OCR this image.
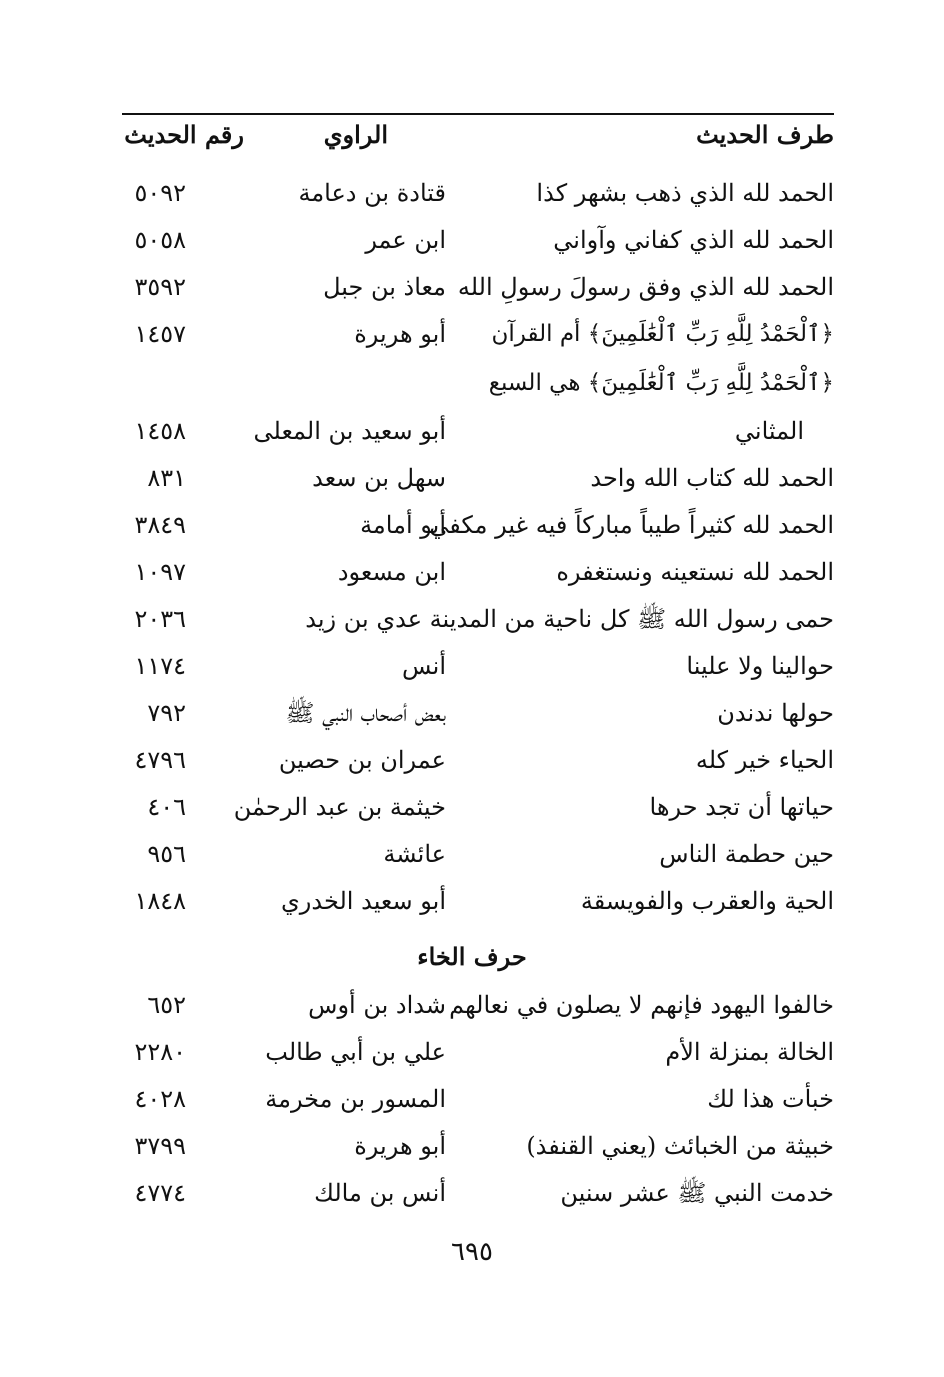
طرف الحديث
الراوي
رقم الحديث
الحمد لله الذي ذهب بشهر كذا
قتادة بن دعامة
٥٠٩٢
الحمد لله الذي كفاني وآواني
ابن عمر
٥٠٥٨
الحمد لله الذي وفق رسولَ رسولِ الله
معاذ بن جبل
٣٥٩٢
﴿ٱلْحَمْدُ لِلَّهِ رَبِّ ٱلْعَٰلَمِينَ﴾ أم القرآن
أبو هريرة
١٤٥٧
﴿ٱلْحَمْدُ لِلَّهِ رَبِّ ٱلْعَٰلَمِينَ﴾ هي السبع
المثاني
أبو سعيد بن المعلى
١٤٥٨
الحمد لله كتاب الله واحد
سهل بن سعد
٨٣١
الحمد لله كثيراً طيباً مباركاً فيه غير مكفي
أبو أمامة
٣٨٤٩
الحمد لله نستعينه ونستغفره
ابن مسعود
١٠٩٧
حمى رسول الله ﷺ كل ناحية من المدينة عدي بن زيد
٢٠٣٦
حوالينا ولا علينا
أنس
١١٧٤
حولها ندندن
بعض أصحاب النبي ﷺ
٧٩٢
الحياء خير كله
عمران بن حصين
٤٧٩٦
حياتها أن تجد حرها
خيثمة بن عبد الرحمٰن
٤٠٦
حين حطمة الناس
عائشة
٩٥٦
الحية والعقرب والفويسقة
أبو سعيد الخدري
١٨٤٨
حرف الخاء
خالفوا اليهود فإنهم لا يصلون في نعالهم
شداد بن أوس
٦٥٢
الخالة بمنزلة الأم
علي بن أبي طالب
٢٢٨٠
خبأت هذا لك
المسور بن مخرمة
٤٠٢٨
خبيثة من الخبائث (يعني القنفذ)
أبو هريرة
٣٧٩٩
خدمت النبي ﷺ عشر سنين
أنس بن مالك
٤٧٧٤
٦٩٥
